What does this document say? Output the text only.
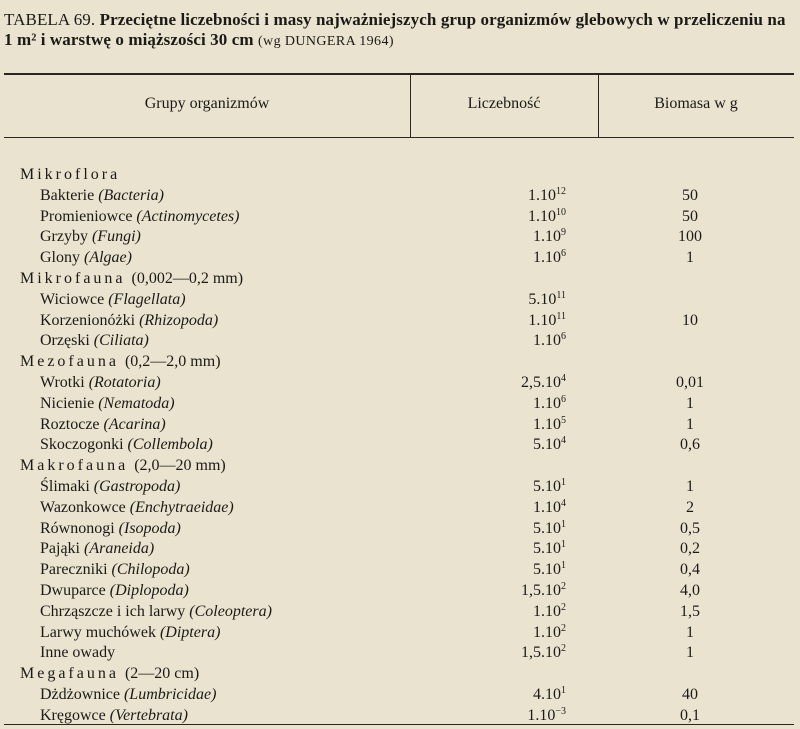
TABELA 69. Przeciętne liczebności i masy najważniejszych grup organizmów glebowych w przeliczeniu na 1 m² i warstwę o miąższości 30 cm (wg DUNGERA 1964)
Grupy organizmów	Liczebność	Biomasa w g
Mikroflora
Bakterie (Bacteria)	1.10$^{12}$	50
Promieniowce (Actinomycetes)	1.10$^{10}$	50
Grzyby (Fungi)	1.10$^9$	100
Glony (Algae)	1.10$^6$	1
Mikrofauna (0,002—0,2 mm)
Wiciowce (Flagellata)	5.10$^{11}$
Korzenionóżki (Rhizopoda)	1.10$^{11}$	10
Orzęski (Ciliata)	1.10$^6$
Mezofauna (0,2—2,0 mm)
Wrotki (Rotatoria)	2,5.10$^4$	0,01
Nicienie (Nematoda)	1.10$^6$	1
Roztocze (Acarina)	1.10$^5$	1
Skoczogonki (Collembola)	5.10$^4$	0,6
Makrofauna (2,0—20 mm)
Ślimaki (Gastropoda)	5.10$^1$	1
Wazonkowce (Enchytraeidae)	1.10$^4$	2
Równonogi (Isopoda)	5.10$^1$	0,5
Pająki (Araneida)	5.10$^1$	0,2
Pareczniki (Chilopoda)	5.10$^1$	0,4
Dwuparce (Diplopoda)	1,5.10$^2$	4,0
Chrząszcze i ich larwy (Coleoptera)	1.10$^2$	1,5
Larwy muchówek (Diptera)	1.10$^2$	1
Inne owady	1,5.10$^2$	1
Megafauna (2—20 cm)
Dżdżownice (Lumbricidae)	4.10$^1$	40
Kręgowce (Vertebrata)	$1.10^{-3}$	0,1
